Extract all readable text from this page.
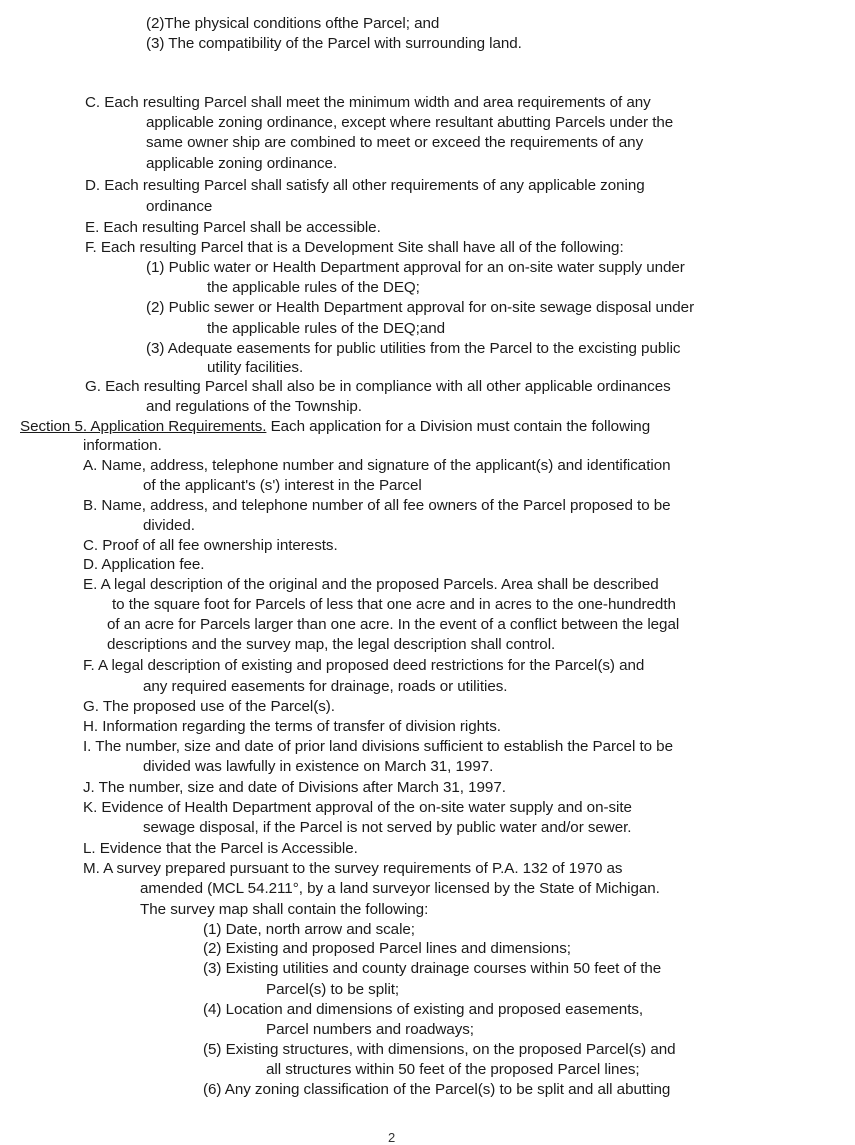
(2)The physical conditions ofthe Parcel; and
(3) The compatibility of the Parcel with surrounding land.
C. Each resulting Parcel shall meet the minimum width and area requirements of any
applicable zoning ordinance, except where resultant abutting Parcels under the
same owner ship are combined to meet or exceed the requirements of any
applicable zoning ordinance.
D. Each resulting Parcel shall satisfy all other requirements of any applicable zoning
ordinance
E. Each resulting Parcel shall be accessible.
F. Each resulting Parcel that is a Development Site shall have all of the following:
(1) Public water or Health Department approval for an on-site water supply under
the applicable rules of the DEQ;
(2) Public sewer or Health Department approval for on-site sewage disposal under
the applicable rules of the DEQ;and
(3) Adequate easements for public utilities from the Parcel to the excisting public
utility facilities.
G. Each resulting Parcel shall also be in compliance with all other applicable ordinances
and regulations of the Township.
Section 5. Application Requirements. Each application for a Division must contain the following
information.
A. Name, address, telephone number and signature of the applicant(s) and identification
of the applicant's (s') interest in the Parcel
B. Name, address, and telephone number of all fee owners of the Parcel proposed to be
divided.
C. Proof of all fee ownership interests.
D. Application fee.
E. A legal description of the original and the proposed Parcels. Area shall be described
to the square foot for Parcels of less that one acre and in acres to the one-hundredth
of an acre for Parcels larger than one acre. In the event of a conflict between the legal
descriptions and the survey map, the legal description shall control.
F. A legal description of existing and proposed deed restrictions for the Parcel(s) and
any required easements for drainage, roads or utilities.
G. The proposed use of the Parcel(s).
H. Information regarding the terms of transfer of division rights.
I. The number, size and date of prior land divisions sufficient to establish the Parcel to be
divided was lawfully in existence on March 31, 1997.
J. The number, size and date of Divisions after March 31, 1997.
K. Evidence of Health Department approval of the on-site water supply and on-site
sewage disposal, if the Parcel is not served by public water and/or sewer.
L. Evidence that the Parcel is Accessible.
M. A survey prepared pursuant to the survey requirements of P.A. 132 of 1970 as
amended (MCL 54.211°, by a land surveyor licensed by the State of Michigan.
The survey map shall contain the following:
(1) Date, north arrow and scale;
(2) Existing and proposed Parcel lines and dimensions;
(3) Existing utilities and county drainage courses within 50 feet of the
Parcel(s) to be split;
(4) Location and dimensions of existing and proposed easements,
Parcel numbers and roadways;
(5) Existing structures, with dimensions, on the proposed Parcel(s) and
all structures within 50 feet of the proposed Parcel lines;
(6) Any zoning classification of the Parcel(s) to be split and all abutting
2
